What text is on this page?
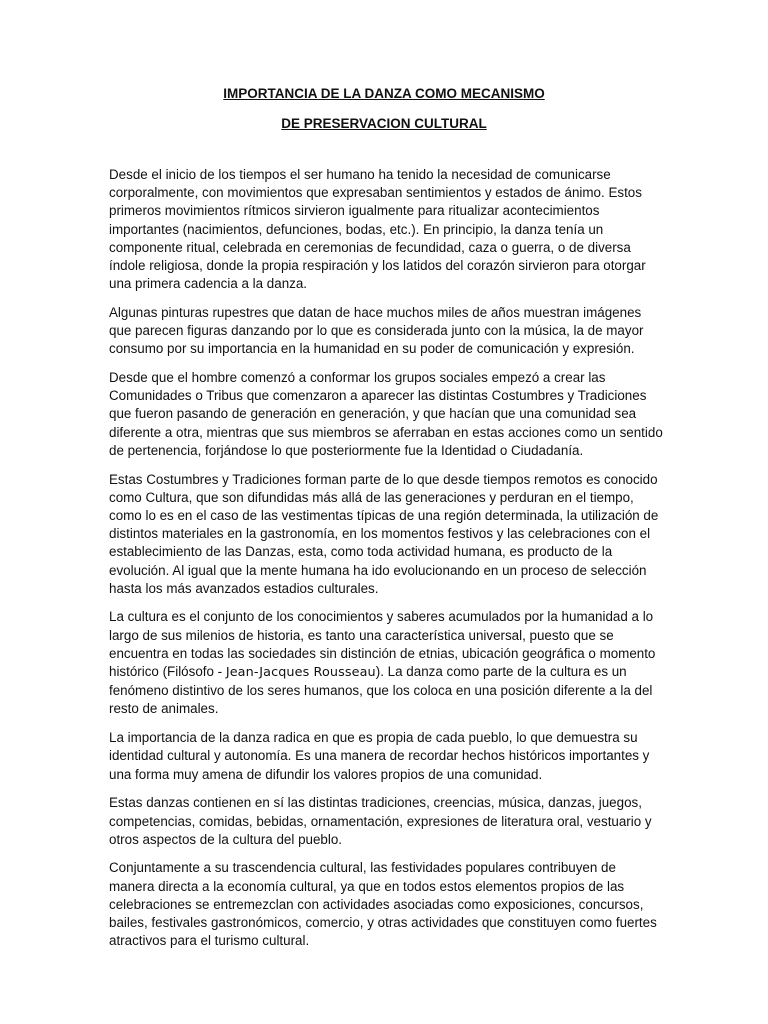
IMPORTANCIA DE LA DANZA COMO MECANISMO
DE PRESERVACION CULTURAL

Desde el inicio de los tiempos el ser humano ha tenido la necesidad de comunicarse corporalmente, con movimientos que expresaban sentimientos y estados de ánimo. Estos primeros movimientos rítmicos sirvieron igualmente para ritualizar acontecimientos importantes (nacimientos, defunciones, bodas, etc.). En principio, la danza tenía un componente ritual, celebrada en ceremonias de fecundidad, caza o guerra, o de diversa índole religiosa, donde la propia respiración y los latidos del corazón sirvieron para otorgar una primera cadencia a la danza.

Algunas pinturas rupestres que datan de hace muchos miles de años muestran imágenes que parecen figuras danzando por lo que es considerada junto con la música, la de mayor consumo por su importancia en la humanidad en su poder de comunicación y expresión.

Desde que el hombre comenzó a conformar los grupos sociales empezó a crear las Comunidades o Tribus que comenzaron a aparecer las distintas Costumbres y Tradiciones que fueron pasando de generación en generación, y que hacían que una comunidad sea diferente a otra, mientras que sus miembros se aferraban en estas acciones como un sentido de pertenencia, forjándose lo que posteriormente fue la Identidad o Ciudadanía.

Estas Costumbres y Tradiciones forman parte de lo que desde tiempos remotos es conocido como Cultura, que son difundidas más allá de las generaciones y perduran en el tiempo, como lo es en el caso de las vestimentas típicas de una región determinada, la utilización de distintos materiales en la gastronomía, en los momentos festivos y las celebraciones con el establecimiento de las Danzas, esta, como toda actividad humana, es producto de la evolución. Al igual que la mente humana ha ido evolucionando en un proceso de selección hasta los más avanzados estadios culturales.

La cultura es el conjunto de los conocimientos y saberes acumulados por la humanidad a lo largo de sus milenios de historia, es tanto una característica universal, puesto que se encuentra en todas las sociedades sin distinción de etnias, ubicación geográfica o momento histórico (Filósofo - Jean-Jacques Rousseau). La danza como parte de la cultura es un fenómeno distintivo de los seres humanos, que los coloca en una posición diferente a la del resto de animales.

La importancia de la danza radica en que es propia de cada pueblo, lo que demuestra su identidad cultural y autonomía. Es una manera de recordar hechos históricos importantes y una forma muy amena de difundir los valores propios de una comunidad.

Estas danzas contienen en sí las distintas tradiciones, creencias, música, danzas, juegos, competencias, comidas, bebidas, ornamentación, expresiones de literatura oral, vestuario y otros aspectos de la cultura del pueblo.

Conjuntamente a su trascendencia cultural, las festividades populares contribuyen de manera directa a la economía cultural, ya que en todos estos elementos propios de las celebraciones se entremezclan con actividades asociadas como exposiciones, concursos, bailes, festivales gastronómicos, comercio, y otras actividades que constituyen como fuertes atractivos para el turismo cultural.
